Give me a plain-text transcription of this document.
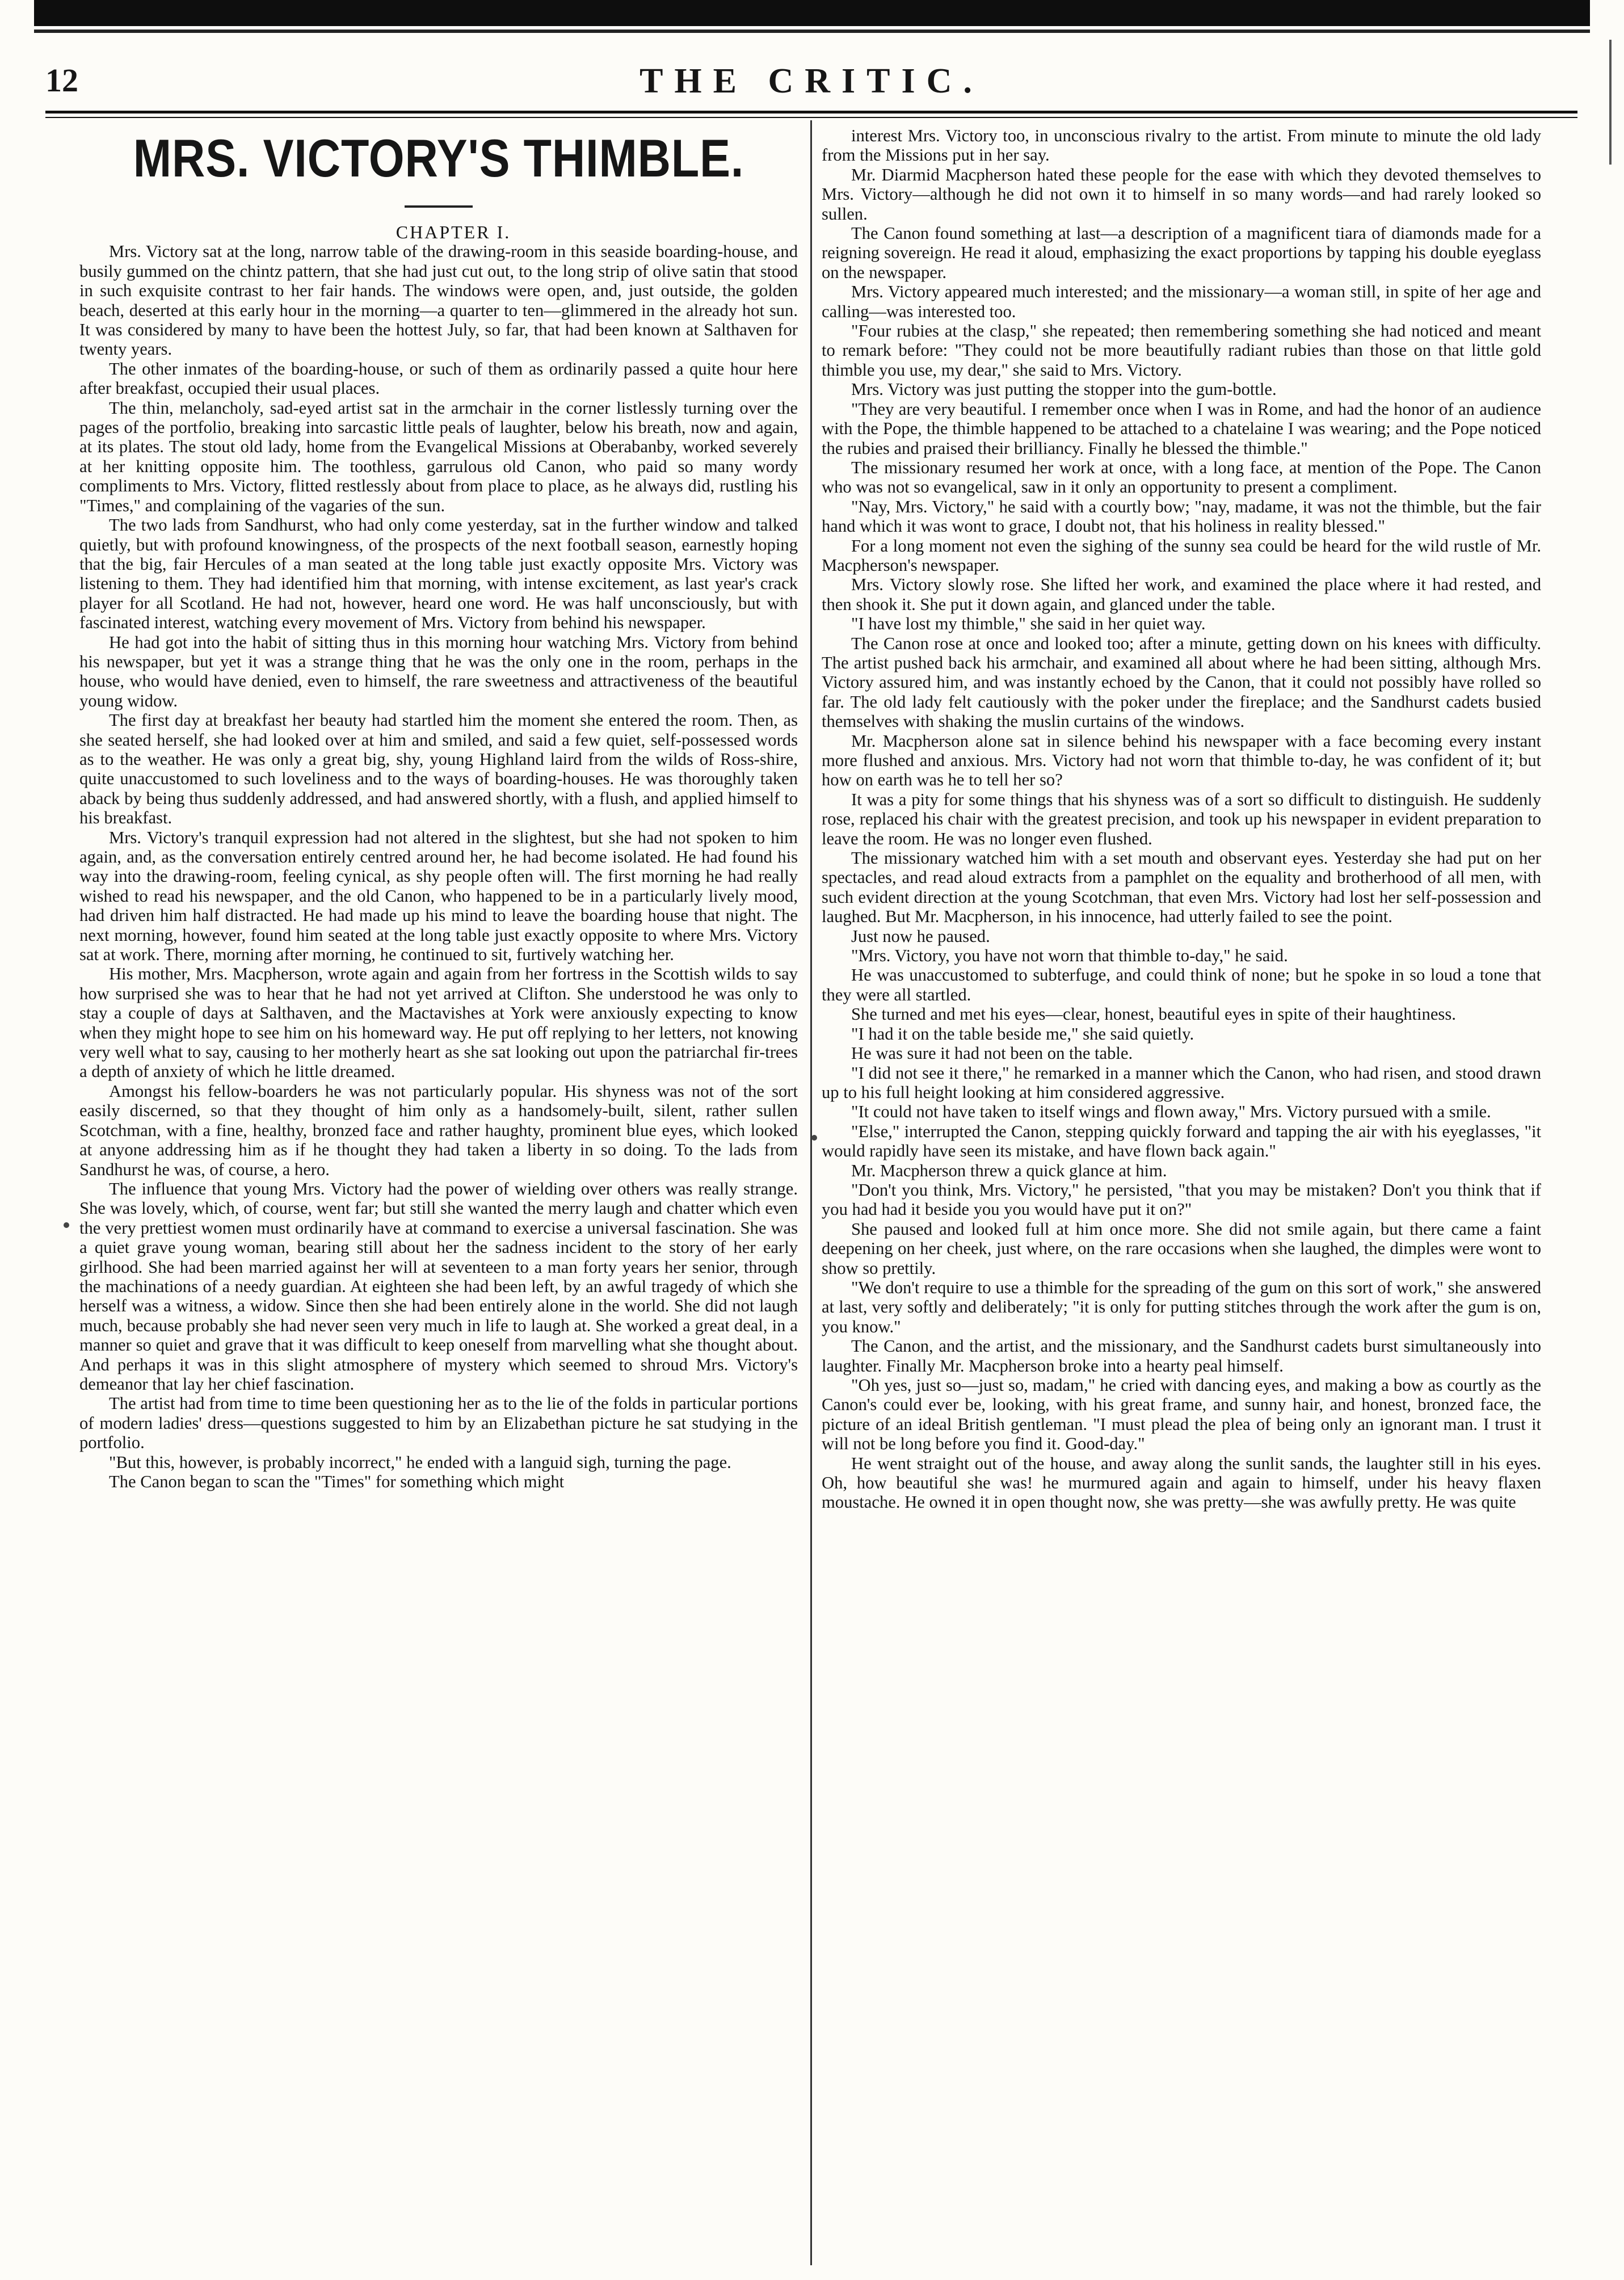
12	THE CRITIC.
MRS. VICTORY'S THIMBLE.

CHAPTER I.

Mrs. Victory sat at the long, narrow table of the drawing-room in this seaside boarding-house, and busily gummed on the chintz pattern, that she had just cut out, to the long strip of olive satin that stood in such exquisite contrast to her fair hands. The windows were open, and, just outside, the golden beach, deserted at this early hour in the morning—a quarter to ten—glimmered in the already hot sun. It was considered by many to have been the hottest July, so far, that had been known at Salthaven for twenty years.

The other inmates of the boarding-house, or such of them as ordinarily passed a quite hour here after breakfast, occupied their usual places.

The thin, melancholy, sad-eyed artist sat in the armchair in the corner listlessly turning over the pages of the portfolio, breaking into sarcastic little peals of laughter, below his breath, now and again, at its plates. The stout old lady, home from the Evangelical Missions at Oberabanby, worked severely at her knitting opposite him. The toothless, garrulous old Canon, who paid so many wordy compliments to Mrs. Victory, flitted restlessly about from place to place, as he always did, rustling his "Times," and complaining of the vagaries of the sun.

The two lads from Sandhurst, who had only come yesterday, sat in the further window and talked quietly, but with profound knowingness, of the prospects of the next football season, earnestly hoping that the big, fair Hercules of a man seated at the long table just exactly opposite Mrs. Victory was listening to them. They had identified him that morning, with intense excitement, as last year's crack player for all Scotland. He had not, however, heard one word. He was half unconsciously, but with fascinated interest, watching every movement of Mrs. Victory from behind his newspaper.

He had got into the habit of sitting thus in this morning hour watching Mrs. Victory from behind his newspaper, but yet it was a strange thing that he was the only one in the room, perhaps in the house, who would have denied, even to himself, the rare sweetness and attractiveness of the beautiful young widow.

The first day at breakfast her beauty had startled him the moment she entered the room. Then, as she seated herself, she had looked over at him and smiled, and said a few quiet, self-possessed words as to the weather. He was only a great big, shy, young Highland laird from the wilds of Ross-shire, quite unaccustomed to such loveliness and to the ways of boarding-houses. He was thoroughly taken aback by being thus suddenly addressed, and had answered shortly, with a flush, and applied himself to his breakfast.

Mrs. Victory's tranquil expression had not altered in the slightest, but she had not spoken to him again, and, as the conversation entirely centred around her, he had become isolated. He had found his way into the drawing-room, feeling cynical, as shy people often will. The first morning he had really wished to read his newspaper, and the old Canon, who happened to be in a particularly lively mood, had driven him half distracted. He had made up his mind to leave the boarding house that night. The next morning, however, found him seated at the long table just exactly opposite to where Mrs. Victory sat at work. There, morning after morning, he continued to sit, furtively watching her.

His mother, Mrs. Macpherson, wrote again and again from her fortress in the Scottish wilds to say how surprised she was to hear that he had not yet arrived at Clifton. She understood he was only to stay a couple of days at Salthaven, and the Mactavishes at York were anxiously expecting to know when they might hope to see him on his homeward way. He put off replying to her letters, not knowing very well what to say, causing to her motherly heart as she sat looking out upon the patriarchal fir-trees a depth of anxiety of which he little dreamed.

Amongst his fellow-boarders he was not particularly popular. His shyness was not of the sort easily discerned, so that they thought of him only as a handsomely-built, silent, rather sullen Scotchman, with a fine, healthy, bronzed face and rather haughty, prominent blue eyes, which looked at anyone addressing him as if he thought they had taken a liberty in so doing. To the lads from Sandhurst he was, of course, a hero.

The influence that young Mrs. Victory had the power of wielding over others was really strange. She was lovely, which, of course, went far; but still she wanted the merry laugh and chatter which even the very prettiest women must ordinarily have at command to exercise a universal fascination. She was a quiet grave young woman, bearing still about her the sadness incident to the story of her early girlhood. She had been married against her will at seventeen to a man forty years her senior, through the machinations of a needy guardian. At eighteen she had been left, by an awful tragedy of which she herself was a witness, a widow. Since then she had been entirely alone in the world. She did not laugh much, because probably she had never seen very much in life to laugh at. She worked a great deal, in a manner so quiet and grave that it was difficult to keep oneself from marvelling what she thought about. And perhaps it was in this slight atmosphere of mystery which seemed to shroud Mrs. Victory's demeanor that lay her chief fascination.

The artist had from time to time been questioning her as to the lie of the folds in particular portions of modern ladies' dress—questions suggested to him by an Elizabethan picture he sat studying in the portfolio.

"But this, however, is probably incorrect," he ended with a languid sigh, turning the page.

The Canon began to scan the "Times" for something which might

interest Mrs. Victory too, in unconscious rivalry to the artist. From minute to minute the old lady from the Missions put in her say.

Mr. Diarmid Macpherson hated these people for the ease with which they devoted themselves to Mrs. Victory—although he did not own it to himself in so many words—and had rarely looked so sullen.

The Canon found something at last—a description of a magnificent tiara of diamonds made for a reigning sovereign. He read it aloud, emphasizing the exact proportions by tapping his double eyeglass on the newspaper.

Mrs. Victory appeared much interested; and the missionary—a woman still, in spite of her age and calling—was interested too.

"Four rubies at the clasp," she repeated; then remembering something she had noticed and meant to remark before: "They could not be more beautifully radiant rubies than those on that little gold thimble you use, my dear," she said to Mrs. Victory.

Mrs. Victory was just putting the stopper into the gum-bottle.

"They are very beautiful. I remember once when I was in Rome, and had the honor of an audience with the Pope, the thimble happened to be attached to a chatelaine I was wearing; and the Pope noticed the rubies and praised their brilliancy. Finally he blessed the thimble."

The missionary resumed her work at once, with a long face, at mention of the Pope. The Canon who was not so evangelical, saw in it only an opportunity to present a compliment.

"Nay, Mrs. Victory," he said with a courtly bow; "nay, madame, it was not the thimble, but the fair hand which it was wont to grace, I doubt not, that his holiness in reality blessed."

For a long moment not even the sighing of the sunny sea could be heard for the wild rustle of Mr. Macpherson's newspaper.

Mrs. Victory slowly rose. She lifted her work, and examined the place where it had rested, and then shook it. She put it down again, and glanced under the table.

"I have lost my thimble," she said in her quiet way.

The Canon rose at once and looked too; after a minute, getting down on his knees with difficulty. The artist pushed back his armchair, and examined all about where he had been sitting, although Mrs. Victory assured him, and was instantly echoed by the Canon, that it could not possibly have rolled so far. The old lady felt cautiously with the poker under the fireplace; and the Sandhurst cadets busied themselves with shaking the muslin curtains of the windows.

Mr. Macpherson alone sat in silence behind his newspaper with a face becoming every instant more flushed and anxious. Mrs. Victory had not worn that thimble to-day, he was confident of it; but how on earth was he to tell her so?

It was a pity for some things that his shyness was of a sort so difficult to distinguish. He suddenly rose, replaced his chair with the greatest precision, and took up his newspaper in evident preparation to leave the room. He was no longer even flushed.

The missionary watched him with a set mouth and observant eyes. Yesterday she had put on her spectacles, and read aloud extracts from a pamphlet on the equality and brotherhood of all men, with such evident direction at the young Scotchman, that even Mrs. Victory had lost her self-possession and laughed. But Mr. Macpherson, in his innocence, had utterly failed to see the point.

Just now he paused.

"Mrs. Victory, you have not worn that thimble to-day," he said.

He was unaccustomed to subterfuge, and could think of none; but he spoke in so loud a tone that they were all startled.

She turned and met his eyes—clear, honest, beautiful eyes in spite of their haughtiness.

"I had it on the table beside me," she said quietly.

He was sure it had not been on the table.

"I did not see it there," he remarked in a manner which the Canon, who had risen, and stood drawn up to his full height looking at him considered aggressive.

"It could not have taken to itself wings and flown away," Mrs. Victory pursued with a smile.

"Else," interrupted the Canon, stepping quickly forward and tapping the air with his eyeglasses, "it would rapidly have seen its mistake, and have flown back again."

Mr. Macpherson threw a quick glance at him.

"Don't you think, Mrs. Victory," he persisted, "that you may be mistaken? Don't you think that if you had had it beside you you would have put it on?"

She paused and looked full at him once more. She did not smile again, but there came a faint deepening on her cheek, just where, on the rare occasions when she laughed, the dimples were wont to show so prettily.

"We don't require to use a thimble for the spreading of the gum on this sort of work," she answered at last, very softly and deliberately; "it is only for putting stitches through the work after the gum is on, you know."

The Canon, and the artist, and the missionary, and the Sandhurst cadets burst simultaneously into laughter. Finally Mr. Macpherson broke into a hearty peal himself.

"Oh yes, just so—just so, madam," he cried with dancing eyes, and making a bow as courtly as the Canon's could ever be, looking, with his great frame, and sunny hair, and honest, bronzed face, the picture of an ideal British gentleman. "I must plead the plea of being only an ignorant man. I trust it will not be long before you find it. Good-day."

He went straight out of the house, and away along the sunlit sands, the laughter still in his eyes. Oh, how beautiful she was! he murmured again and again to himself, under his heavy flaxen moustache. He owned it in open thought now, she was pretty—she was awfully pretty. He was quite
